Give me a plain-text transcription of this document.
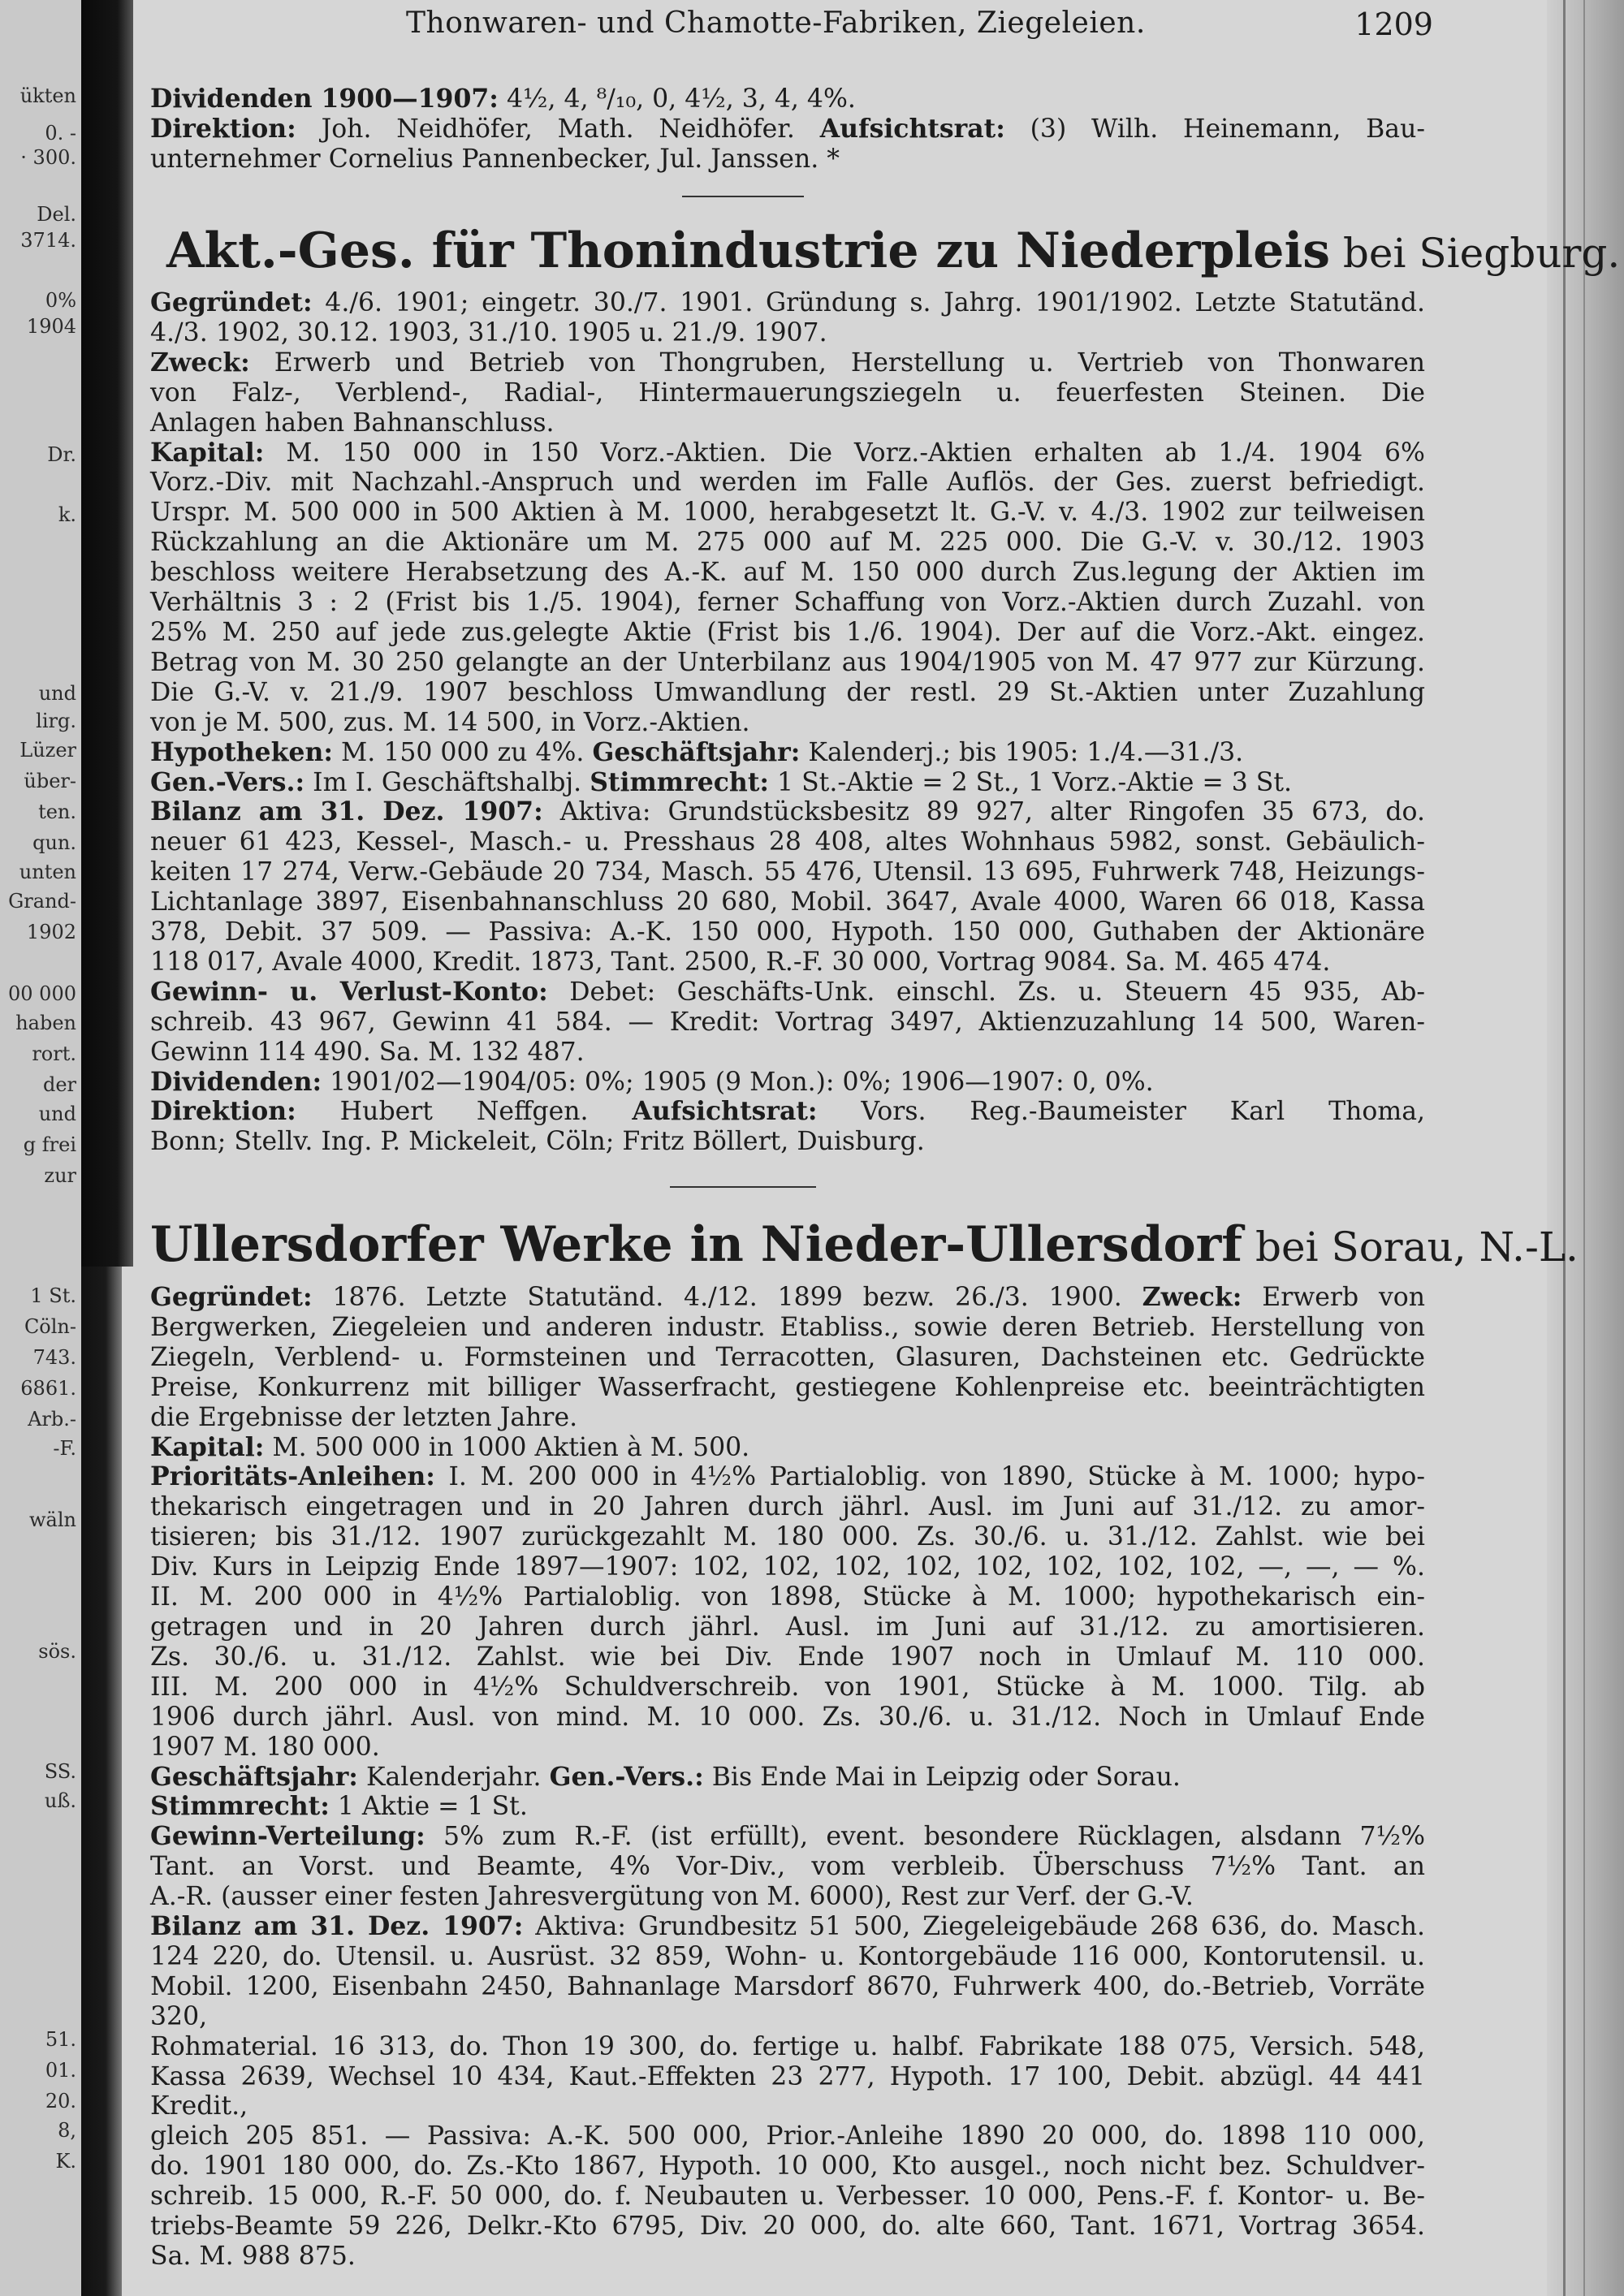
ükten
0. -
· 300.
Del.
3714.
0%
1904
Dr.
k.
und
lirg.
Lüzer
über-
ten.
qun.
unten
Grand-
1902
00 000
haben
rort.
der
und
g frei
zur
1 St.
Cöln-
743.
6861.
Arb.-
-F.
wäln
sös.
SS.
uß.
51.
01.
20.
8,
K.
Thonwaren- und Chamotte-Fabriken, Ziegeleien.	1209

Dividenden 1900—1907: 4½, 4, ⁸/₁₀, 0, 4½, 3, 4, 4%.

Direktion: Joh. Neidhöfer, Math. Neidhöfer. Aufsichtsrat: (3) Wilh. Heinemann, Bau-

unternehmer Cornelius Pannenbecker, Jul. Janssen. *

Akt.-Ges. für Thonindustrie zu Niederpleis bei Siegburg.

Gegründet: 4./6. 1901; eingetr. 30./7. 1901. Gründung s. Jahrg. 1901/1902. Letzte Statutänd.

4./3. 1902, 30.12. 1903, 31./10. 1905 u. 21./9. 1907.

Zweck: Erwerb und Betrieb von Thongruben, Herstellung u. Vertrieb von Thonwaren

von Falz-, Verblend-, Radial-, Hintermauerungsziegeln u. feuerfesten Steinen. Die

Anlagen haben Bahnanschluss.

Kapital: M. 150 000 in 150 Vorz.-Aktien. Die Vorz.-Aktien erhalten ab 1./4. 1904 6%

Vorz.-Div. mit Nachzahl.-Anspruch und werden im Falle Auflös. der Ges. zuerst befriedigt.

Urspr. M. 500 000 in 500 Aktien à M. 1000, herabgesetzt lt. G.-V. v. 4./3. 1902 zur teilweisen

Rückzahlung an die Aktionäre um M. 275 000 auf M. 225 000. Die G.-V. v. 30./12. 1903

beschloss weitere Herabsetzung des A.-K. auf M. 150 000 durch Zus.legung der Aktien im

Verhältnis 3 : 2 (Frist bis 1./5. 1904), ferner Schaffung von Vorz.-Aktien durch Zuzahl. von

25% M. 250 auf jede zus.gelegte Aktie (Frist bis 1./6. 1904). Der auf die Vorz.-Akt. eingez.

Betrag von M. 30 250 gelangte an der Unterbilanz aus 1904/1905 von M. 47 977 zur Kürzung.

Die G.-V. v. 21./9. 1907 beschloss Umwandlung der restl. 29 St.-Aktien unter Zuzahlung

von je M. 500, zus. M. 14 500, in Vorz.-Aktien.

Hypotheken: M. 150 000 zu 4%. Geschäftsjahr: Kalenderj.; bis 1905: 1./4.—31./3.

Gen.-Vers.: Im I. Geschäftshalbj. Stimmrecht: 1 St.-Aktie = 2 St., 1 Vorz.-Aktie = 3 St.

Bilanz am 31. Dez. 1907: Aktiva: Grundstücksbesitz 89 927, alter Ringofen 35 673, do.

neuer 61 423, Kessel-, Masch.- u. Presshaus 28 408, altes Wohnhaus 5982, sonst. Gebäulich-

keiten 17 274, Verw.-Gebäude 20 734, Masch. 55 476, Utensil. 13 695, Fuhrwerk 748, Heizungs-

Lichtanlage 3897, Eisenbahnanschluss 20 680, Mobil. 3647, Avale 4000, Waren 66 018, Kassa

378, Debit. 37 509. — Passiva: A.-K. 150 000, Hypoth. 150 000, Guthaben der Aktionäre

118 017, Avale 4000, Kredit. 1873, Tant. 2500, R.-F. 30 000, Vortrag 9084. Sa. M. 465 474.

Gewinn- u. Verlust-Konto: Debet: Geschäfts-Unk. einschl. Zs. u. Steuern 45 935, Ab-

schreib. 43 967, Gewinn 41 584. — Kredit: Vortrag 3497, Aktienzuzahlung 14 500, Waren-

Gewinn 114 490. Sa. M. 132 487.

Dividenden: 1901/02—1904/05: 0%; 1905 (9 Mon.): 0%; 1906—1907: 0, 0%.

Direktion: Hubert Neffgen. Aufsichtsrat: Vors. Reg.-Baumeister Karl Thoma,

Bonn; Stellv. Ing. P. Mickeleit, Cöln; Fritz Böllert, Duisburg.

Ullersdorfer Werke in Nieder-Ullersdorf bei Sorau, N.-L.

Gegründet: 1876. Letzte Statutänd. 4./12. 1899 bezw. 26./3. 1900. Zweck: Erwerb von

Bergwerken, Ziegeleien und anderen industr. Etabliss., sowie deren Betrieb. Herstellung von

Ziegeln, Verblend- u. Formsteinen und Terracotten, Glasuren, Dachsteinen etc. Gedrückte

Preise, Konkurrenz mit billiger Wasserfracht, gestiegene Kohlenpreise etc. beeinträchtigten

die Ergebnisse der letzten Jahre.

Kapital: M. 500 000 in 1000 Aktien à M. 500.

Prioritäts-Anleihen: I. M. 200 000 in 4½% Partialoblig. von 1890, Stücke à M. 1000; hypo-

thekarisch eingetragen und in 20 Jahren durch jährl. Ausl. im Juni auf 31./12. zu amor-

tisieren; bis 31./12. 1907 zurückgezahlt M. 180 000. Zs. 30./6. u. 31./12. Zahlst. wie bei

Div. Kurs in Leipzig Ende 1897—1907: 102, 102, 102, 102, 102, 102, 102, 102, —, —, — %.

II. M. 200 000 in 4½% Partialoblig. von 1898, Stücke à M. 1000; hypothekarisch ein-

getragen und in 20 Jahren durch jährl. Ausl. im Juni auf 31./12. zu amortisieren.

Zs. 30./6. u. 31./12. Zahlst. wie bei Div. Ende 1907 noch in Umlauf M. 110 000.

III. M. 200 000 in 4½% Schuldverschreib. von 1901, Stücke à M. 1000. Tilg. ab

1906 durch jährl. Ausl. von mind. M. 10 000. Zs. 30./6. u. 31./12. Noch in Umlauf Ende

1907 M. 180 000.

Geschäftsjahr: Kalenderjahr. Gen.-Vers.: Bis Ende Mai in Leipzig oder Sorau.

Stimmrecht: 1 Aktie = 1 St.

Gewinn-Verteilung: 5% zum R.-F. (ist erfüllt), event. besondere Rücklagen, alsdann 7½%

Tant. an Vorst. und Beamte, 4% Vor-Div., vom verbleib. Überschuss 7½% Tant. an

A.-R. (ausser einer festen Jahresvergütung von M. 6000), Rest zur Verf. der G.-V.

Bilanz am 31. Dez. 1907: Aktiva: Grundbesitz 51 500, Ziegeleigebäude 268 636, do. Masch.

124 220, do. Utensil. u. Ausrüst. 32 859, Wohn- u. Kontorgebäude 116 000, Kontorutensil. u.

Mobil. 1200, Eisenbahn 2450, Bahnanlage Marsdorf 8670, Fuhrwerk 400, do.-Betrieb, Vorräte 320,

Rohmaterial. 16 313, do. Thon 19 300, do. fertige u. halbf. Fabrikate 188 075, Versich. 548,

Kassa 2639, Wechsel 10 434, Kaut.-Effekten 23 277, Hypoth. 17 100, Debit. abzügl. 44 441 Kredit.,

gleich 205 851. — Passiva: A.-K. 500 000, Prior.-Anleihe 1890 20 000, do. 1898 110 000,

do. 1901 180 000, do. Zs.-Kto 1867, Hypoth. 10 000, Kto ausgel., noch nicht bez. Schuldver-

schreib. 15 000, R.-F. 50 000, do. f. Neubauten u. Verbesser. 10 000, Pens.-F. f. Kontor- u. Be-

triebs-Beamte 59 226, Delkr.-Kto 6795, Div. 20 000, do. alte 660, Tant. 1671, Vortrag 3654.

Sa. M. 988 875.
